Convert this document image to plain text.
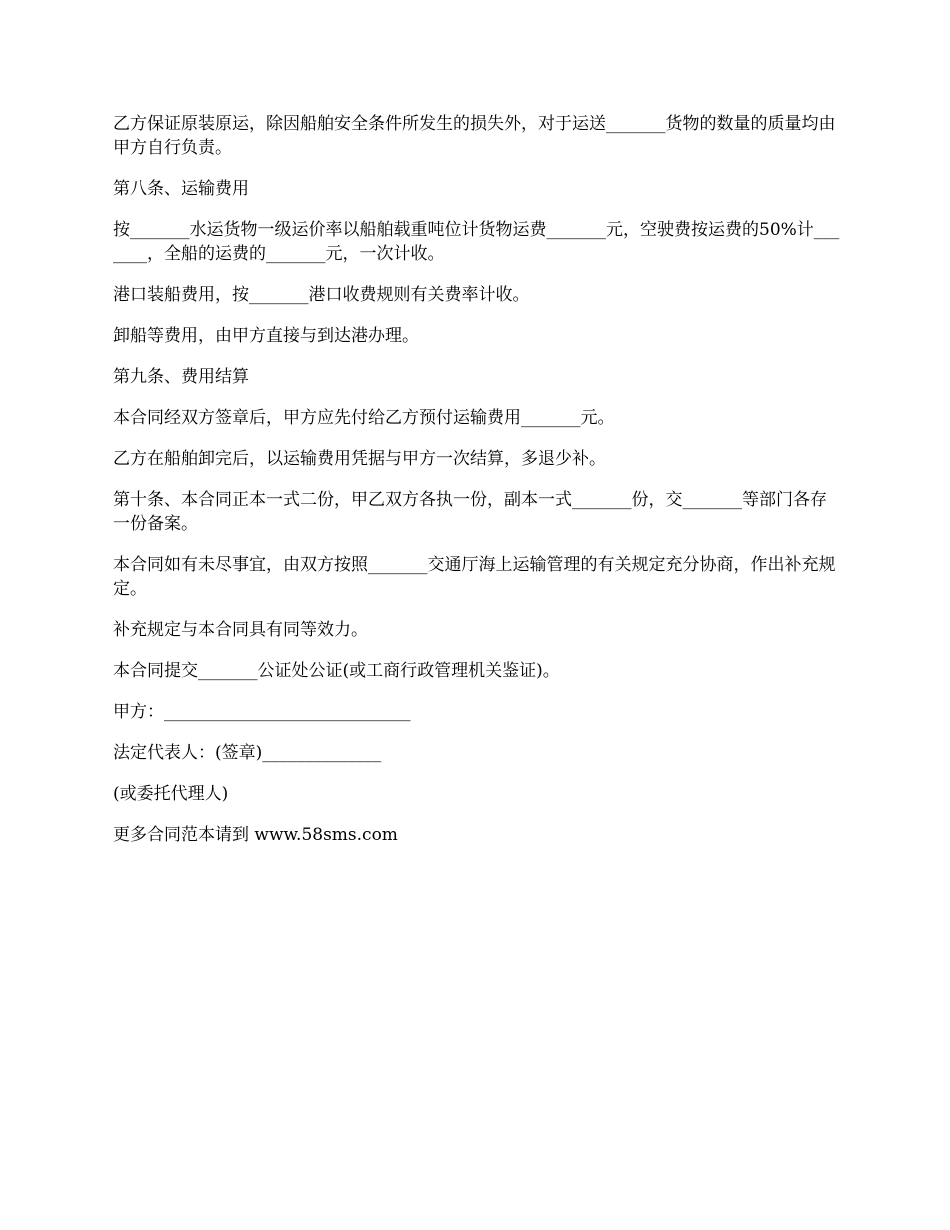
乙方保证原装原运，除因船舶安全条件所发生的损失外，对于运送_______货物的数量的质量均由甲方自行负责。

第八条、运输费用

按_______水运货物一级运价率以船舶载重吨位计货物运费_______元，空驶费按运费的50%计_______，全船的运费的_______元，一次计收。

港口装船费用，按_______港口收费规则有关费率计收。

卸船等费用，由甲方直接与到达港办理。

第九条、费用结算

本合同经双方签章后，甲方应先付给乙方预付运输费用_______元。

乙方在船舶卸完后，以运输费用凭据与甲方一次结算，多退少补。

第十条、本合同正本一式二份，甲乙双方各执一份，副本一式_______份，交_______等部门各存一份备案。

本合同如有未尽事宜，由双方按照_______交通厅海上运输管理的有关规定充分协商，作出补充规定。

补充规定与本合同具有同等效力。

本合同提交_______公证处公证(或工商行政管理机关鉴证)。

甲方：_____________________________

法定代表人：(签章)______________

(或委托代理人)

更多合同范本请到 www.58sms.com
